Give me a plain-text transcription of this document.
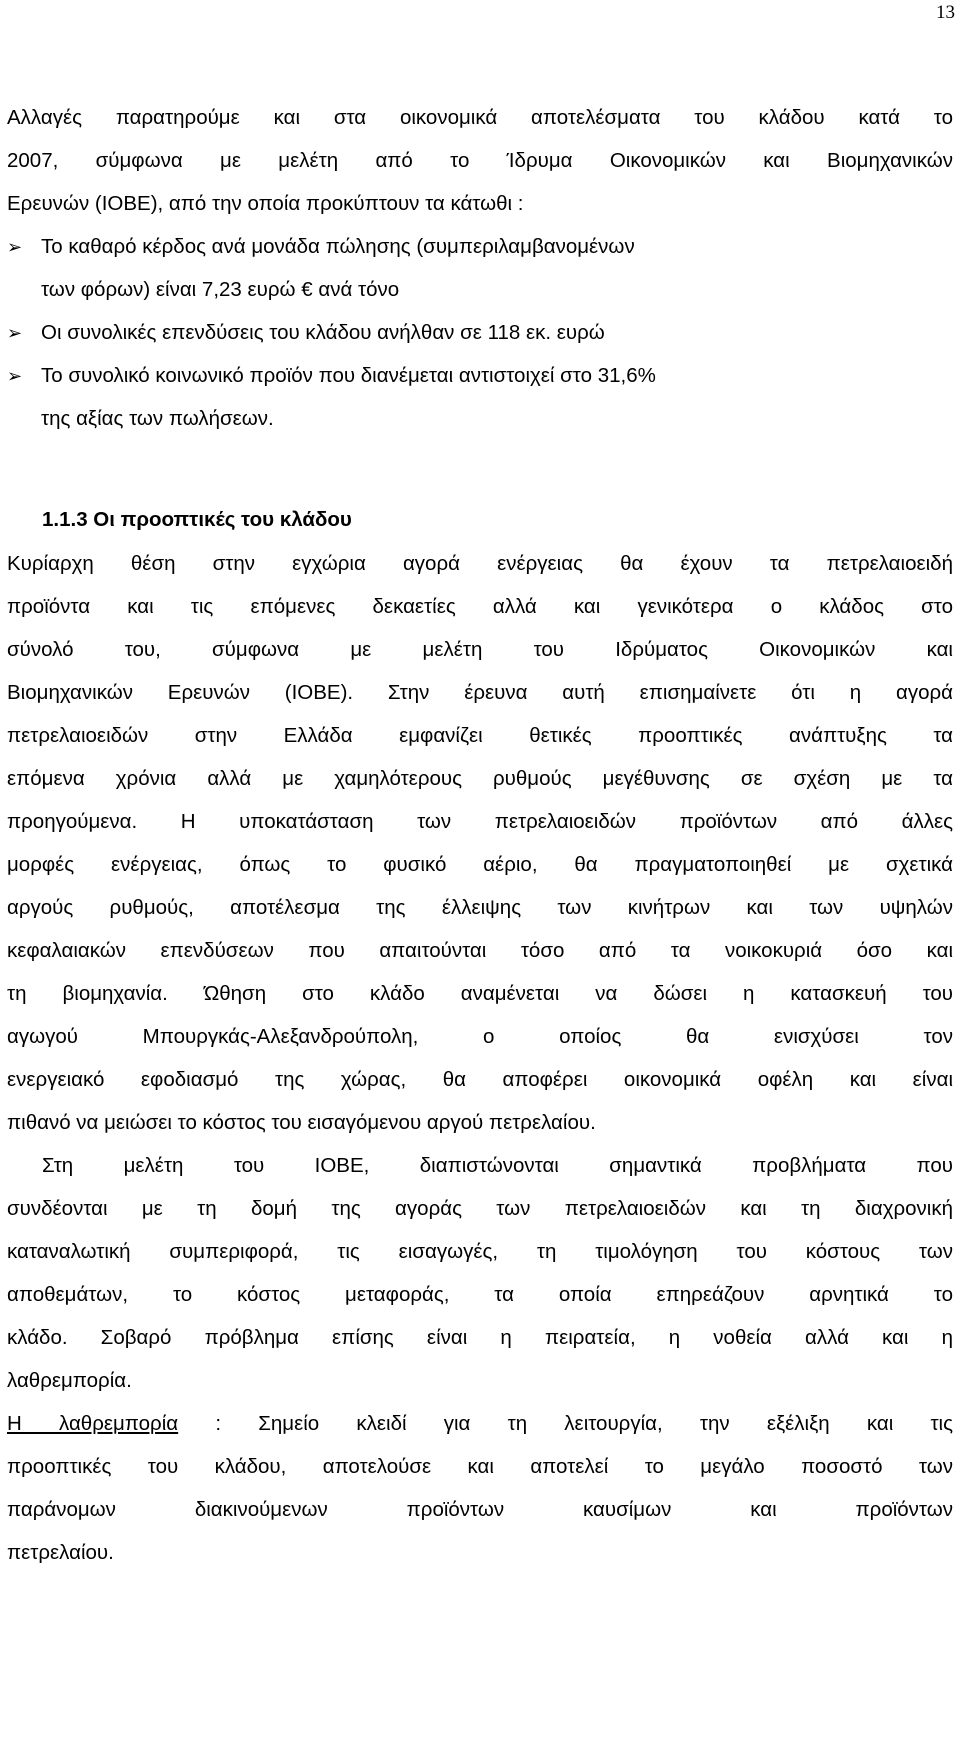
13
Αλλαγές παρατηρούμε και στα οικονομικά αποτελέσματα του κλάδου κατά το
2007, σύμφωνα με μελέτη από το Ίδρυμα Οικονομικών και Βιομηχανικών
Ερευνών (ΙΟΒΕ), από την οποία προκύπτουν τα κάτωθι :
➢ Το καθαρό κέρδος ανά μονάδα πώλησης (συμπεριλαμβανομένων
των φόρων) είναι 7,23 ευρώ € ανά τόνο
➢ Οι συνολικές επενδύσεις του κλάδου ανήλθαν σε 118 εκ. ευρώ
➢ Το συνολικό κοινωνικό προϊόν που διανέμεται αντιστοιχεί στο 31,6%
της αξίας των πωλήσεων.
1.1.3 Οι προοπτικές του κλάδου
Κυρίαρχη θέση στην εγχώρια αγορά ενέργειας θα έχουν τα πετρελαιοειδή
προϊόντα και τις επόμενες δεκαετίες αλλά και γενικότερα ο κλάδος στο
σύνολό του, σύμφωνα με μελέτη του Ιδρύματος Οικονομικών και
Βιομηχανικών Ερευνών (ΙΟΒΕ). Στην έρευνα αυτή επισημαίνετε ότι η αγορά
πετρελαιοειδών στην Ελλάδα εμφανίζει θετικές προοπτικές ανάπτυξης τα
επόμενα χρόνια αλλά με χαμηλότερους ρυθμούς μεγέθυνσης σε σχέση με τα
προηγούμενα. Η υποκατάσταση των πετρελαιοειδών προϊόντων από άλλες
μορφές ενέργειας, όπως το φυσικό αέριο, θα πραγματοποιηθεί με σχετικά
αργούς ρυθμούς, αποτέλεσμα της έλλειψης των κινήτρων και των υψηλών
κεφαλαιακών επενδύσεων που απαιτούνται τόσο από τα νοικοκυριά όσο και
τη βιομηχανία. Ώθηση στο κλάδο αναμένεται να δώσει η κατασκευή του
αγωγού Μπουργκάς-Αλεξανδρούπολη, ο οποίος θα ενισχύσει τον
ενεργειακό εφοδιασμό της χώρας, θα αποφέρει οικονομικά οφέλη και είναι
πιθανό να μειώσει το κόστος του εισαγόμενου αργού πετρελαίου.
Στη μελέτη του ΙΟΒΕ, διαπιστώνονται σημαντικά προβλήματα που
συνδέονται με τη δομή της αγοράς των πετρελαιοειδών και τη διαχρονική
καταναλωτική συμπεριφορά, τις εισαγωγές, τη τιμολόγηση του κόστους των
αποθεμάτων, το κόστος μεταφοράς, τα οποία επηρεάζουν αρνητικά το
κλάδο. Σοβαρό πρόβλημα επίσης είναι η πειρατεία, η νοθεία αλλά και η
λαθρεμπορία.
Η λαθρεμπορία : Σημείο κλειδί για τη λειτουργία, την εξέλιξη και τις
προοπτικές του κλάδου, αποτελούσε και αποτελεί το μεγάλο ποσοστό των
παράνομων διακινούμενων προϊόντων καυσίμων και προϊόντων
πετρελαίου.
